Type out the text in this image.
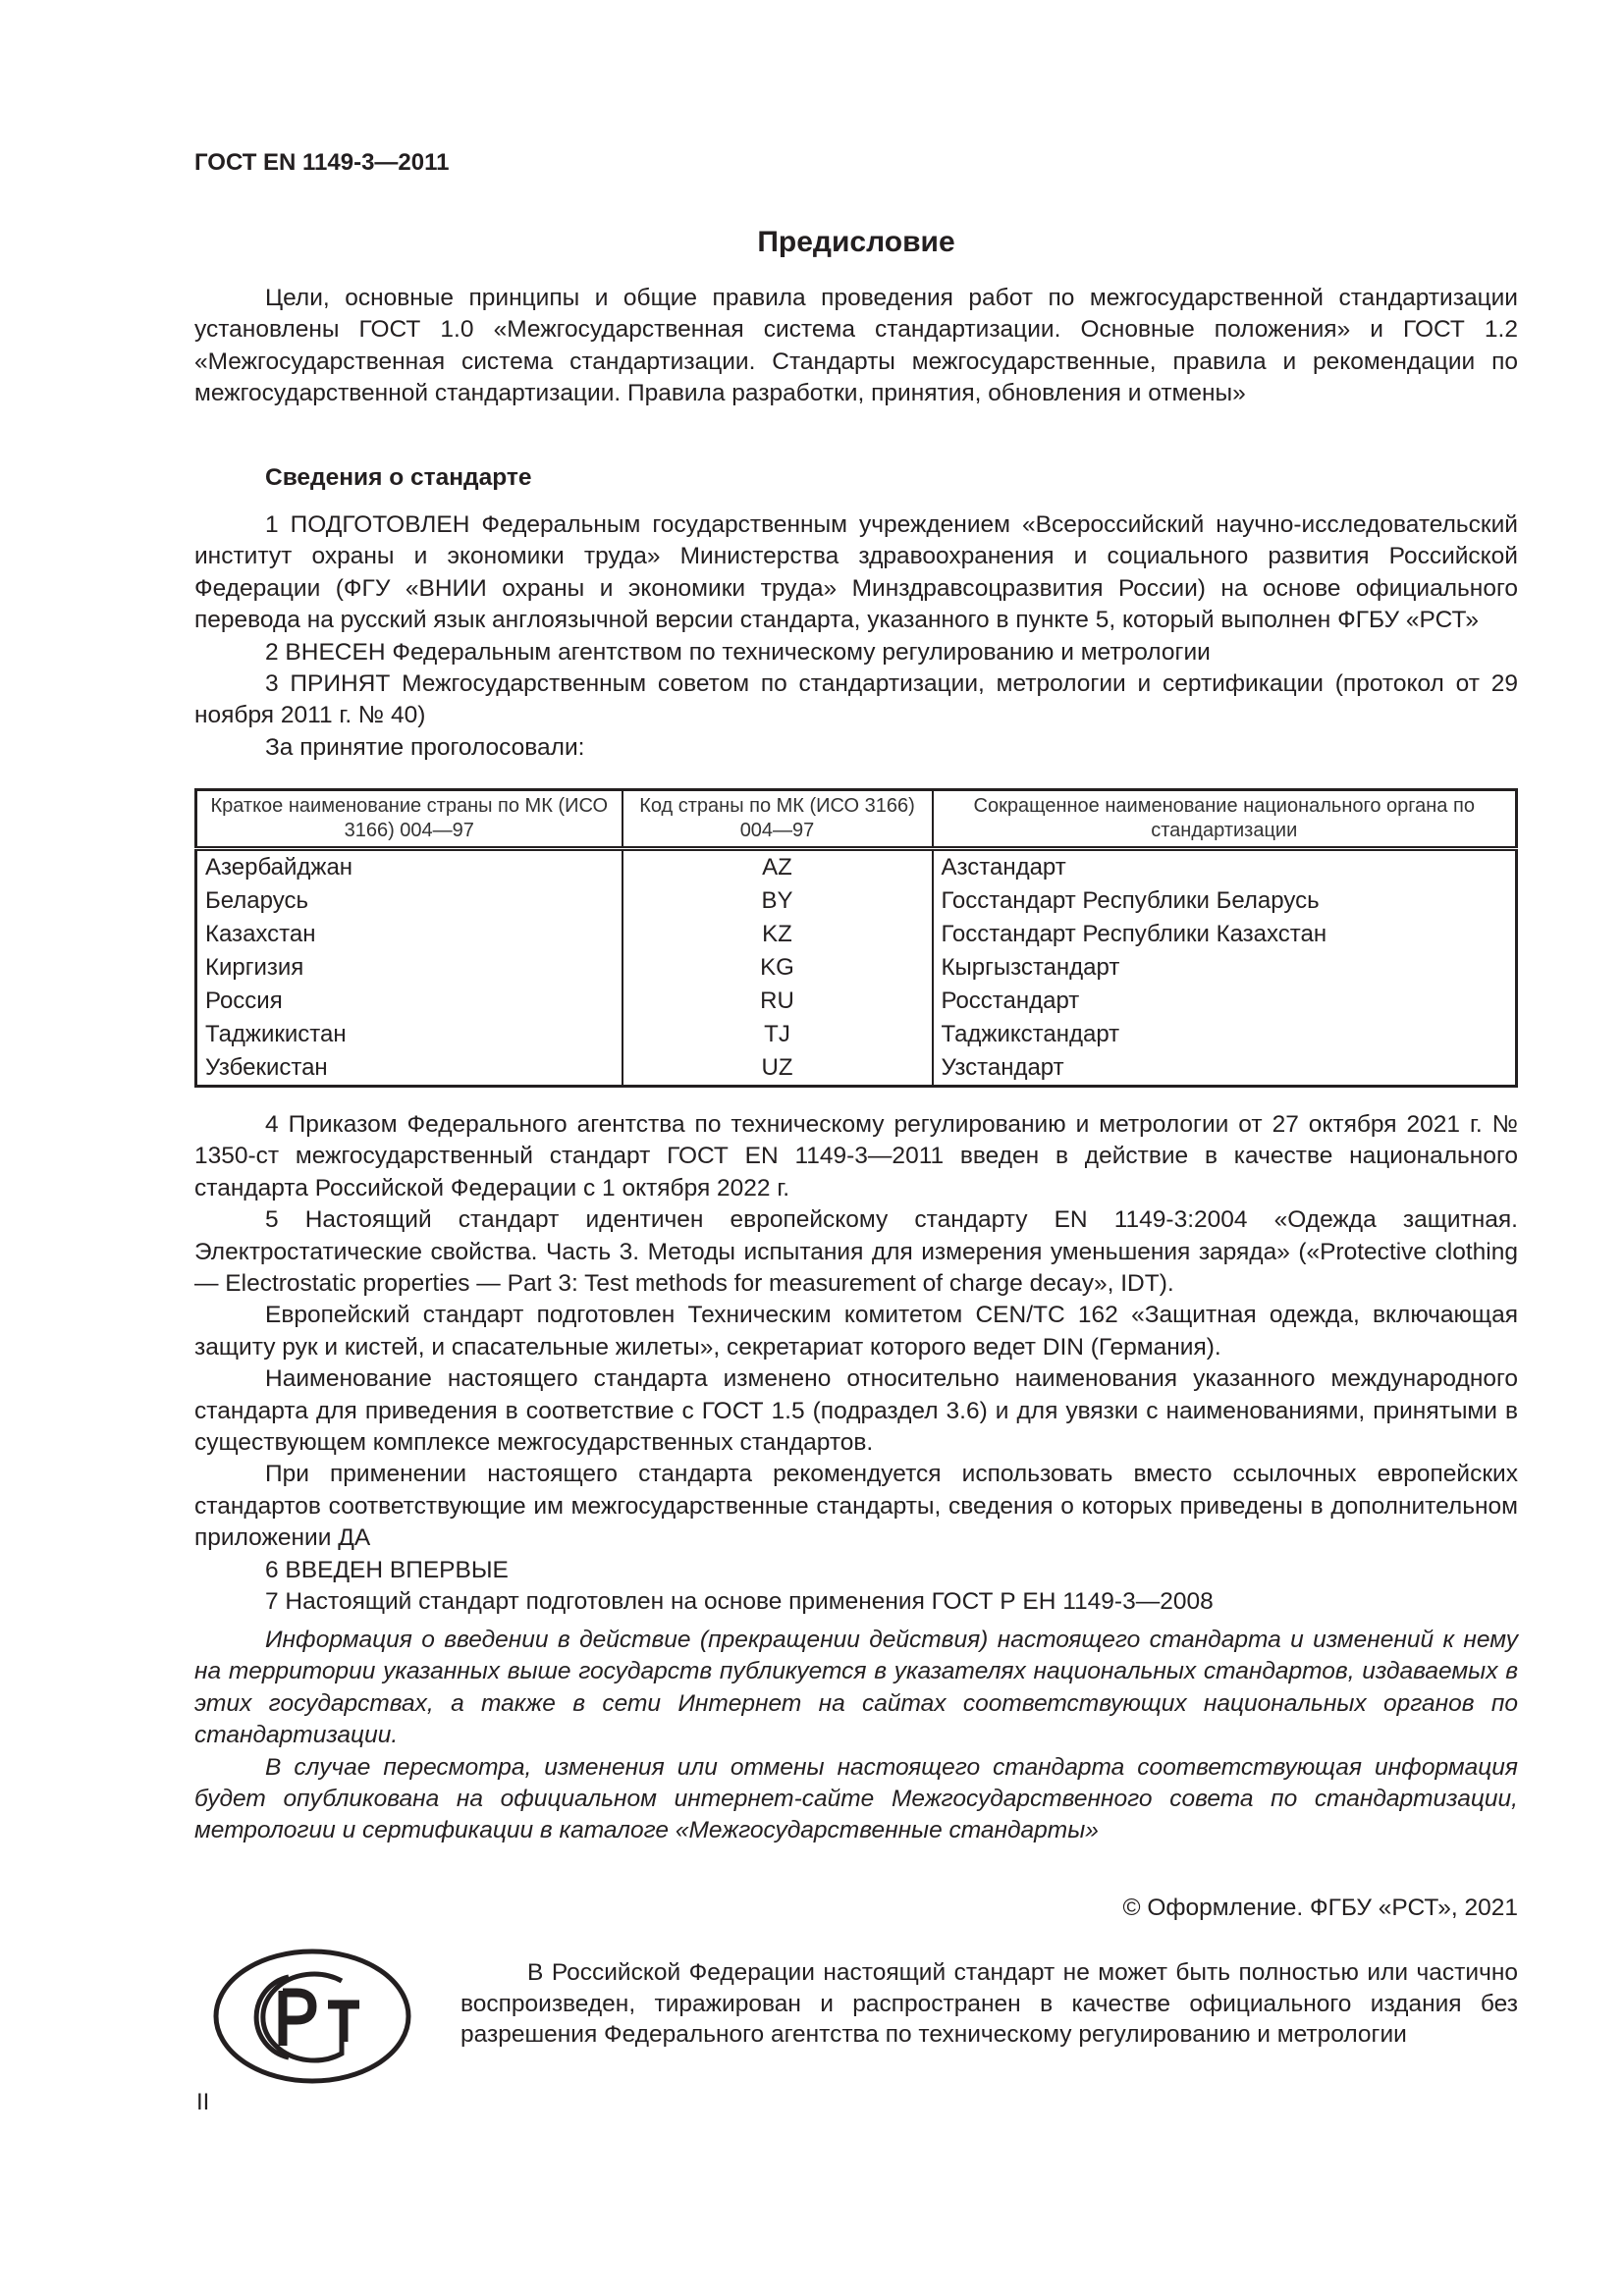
ГОСТ EN 1149-3—2011
Предисловие

Цели, основные принципы и общие правила проведения работ по межгосударственной стандартизации установлены ГОСТ 1.0 «Межгосударственная система стандартизации. Основные положения» и ГОСТ 1.2 «Межгосударственная система стандартизации. Стандарты межгосударственные, правила и рекомендации по межгосударственной стандартизации. Правила разработки, принятия, обновления и отмены»

Сведения о стандарте

1 ПОДГОТОВЛЕН Федеральным государственным учреждением «Всероссийский научно-исследовательский институт охраны и экономики труда» Министерства здравоохранения и социального развития Российской Федерации (ФГУ «ВНИИ охраны и экономики труда» Минздравсоцразвития России) на основе официального перевода на русский язык англоязычной версии стандарта, указанного в пункте 5, который выполнен ФГБУ «РСТ»

2 ВНЕСЕН Федеральным агентством по техническому регулированию и метрологии

3 ПРИНЯТ Межгосударственным советом по стандартизации, метрологии и сертификации (протокол от 29 ноября 2011 г. № 40)

За принятие проголосовали:

Краткое наименование страны по МК (ИСО 3166) 004—97	Код страны по МК (ИСО 3166) 004—97	Сокращенное наименование национального органа по стандартизации
Азербайджан	AZ	Азстандарт
Беларусь	BY	Госстандарт Республики Беларусь
Казахстан	KZ	Госстандарт Республики Казахстан
Киргизия	KG	Кыргызстандарт
Россия	RU	Росстандарт
Таджикистан	TJ	Таджикстандарт
Узбекистан	UZ	Узстандарт

4 Приказом Федерального агентства по техническому регулированию и метрологии от 27 октября 2021 г. № 1350-ст межгосударственный стандарт ГОСТ EN 1149-3—2011 введен в действие в качестве национального стандарта Российской Федерации с 1 октября 2022 г.

5 Настоящий стандарт идентичен европейскому стандарту EN 1149-3:2004 «Одежда защитная. Электростатические свойства. Часть 3. Методы испытания для измерения уменьшения заряда» («Protective clothing — Electrostatic properties — Part 3: Test methods for measurement of charge decay», IDT).

Европейский стандарт подготовлен Техническим комитетом CEN/TC 162 «Защитная одежда, включающая защиту рук и кистей, и спасательные жилеты», секретариат которого ведет DIN (Германия).

Наименование настоящего стандарта изменено относительно наименования указанного международного стандарта для приведения в соответствие с ГОСТ 1.5 (подраздел 3.6) и для увязки с наименованиями, принятыми в существующем комплексе межгосударственных стандартов.

При применении настоящего стандарта рекомендуется использовать вместо ссылочных европейских стандартов соответствующие им межгосударственные стандарты, сведения о которых приведены в дополнительном приложении ДА

6 ВВЕДЕН ВПЕРВЫЕ

7 Настоящий стандарт подготовлен на основе применения ГОСТ Р ЕН 1149-3—2008

Информация о введении в действие (прекращении действия) настоящего стандарта и изменений к нему на территории указанных выше государств публикуется в указателях национальных стандартов, издаваемых в этих государствах, а также в сети Интернет на сайтах соответствующих национальных органов по стандартизации.

В случае пересмотра, изменения или отмены настоящего стандарта соответствующая информация будет опубликована на официальном интернет-сайте Межгосударственного совета по стандартизации, метрологии и сертификации в каталоге «Межгосударственные стандарты»

© Оформление. ФГБУ «РСТ», 2021

В Российской Федерации настоящий стандарт не может быть полностью или частично воспроизведен, тиражирован и распространен в качестве официального издания без разрешения Федерального агентства по техническому регулированию и метрологии

II
